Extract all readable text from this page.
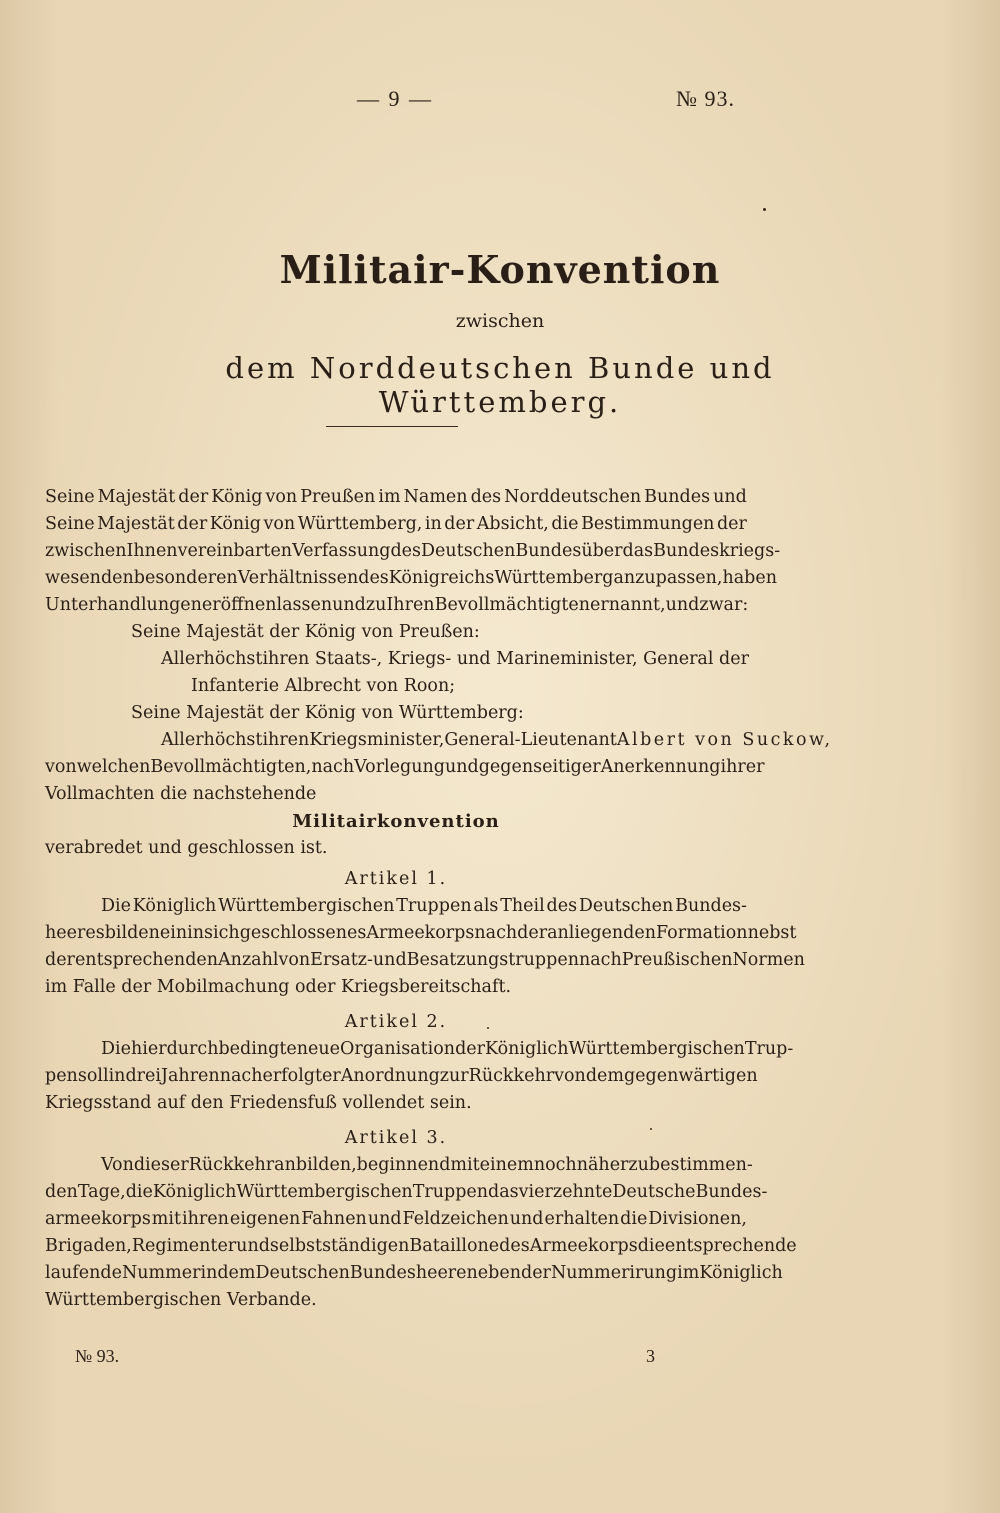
— 9 —	№ 93.
Militair-Konvention
zwischen
dem Norddeutschen Bunde und Württemberg.
Seine Majestät der König von Preußen im Namen des Norddeutschen Bundes und
Seine Majestät der König von Württemberg, in der Absicht, die Bestimmungen der
zwischen Ihnen vereinbarten Verfassung des Deutschen Bundes über das Bundeskriegs-
wesen den besonderen Verhältnissen des Königreichs Württemberg anzupassen, haben
Unterhandlungen eröffnen lassen und zu Ihren Bevollmächtigten ernannt, und zwar:
Seine Majestät der König von Preußen:
Allerhöchstihren Staats-, Kriegs- und Marineminister, General der
Infanterie Albrecht von Roon;
Seine Majestät der König von Württemberg:
Allerhöchstihren Kriegsminister, General-Lieutenant Albert von Suckow,
von welchen Bevollmächtigten, nach Vorlegung und gegenseitiger Anerkennung ihrer
Vollmachten die nachstehende
Militairkonvention
verabredet und geschlossen ist.
Artikel 1.
Die Königlich Württembergischen Truppen als Theil des Deutschen Bundes-
heeres bilden ein in sich geschlossenes Armeekorps nach der anliegenden Formation nebst
der entsprechenden Anzahl von Ersatz- und Besatzungstruppen nach Preußischen Normen
im Falle der Mobilmachung oder Kriegsbereitschaft.
Artikel 2.
Die hierdurch bedingte neue Organisation der Königlich Württembergischen Trup-
pen soll in drei Jahren nach erfolgter Anordnung zur Rückkehr von dem gegenwärtigen
Kriegsstand auf den Friedensfuß vollendet sein.
Artikel 3.
Von dieser Rückkehr an bilden, beginnend mit einem noch näher zu bestimmen-
den Tage, die Königlich Württembergischen Truppen das vierzehnte Deutsche Bundes-
armeekorps mit ihren eigenen Fahnen und Feldzeichen und erhalten die Divisionen,
Brigaden, Regimenter und selbstständigen Bataillone des Armeekorps die entsprechende
laufende Nummer in dem Deutschen Bundesheere neben der Nummerirung im Königlich
Württembergischen Verbande.
№ 93.	3
